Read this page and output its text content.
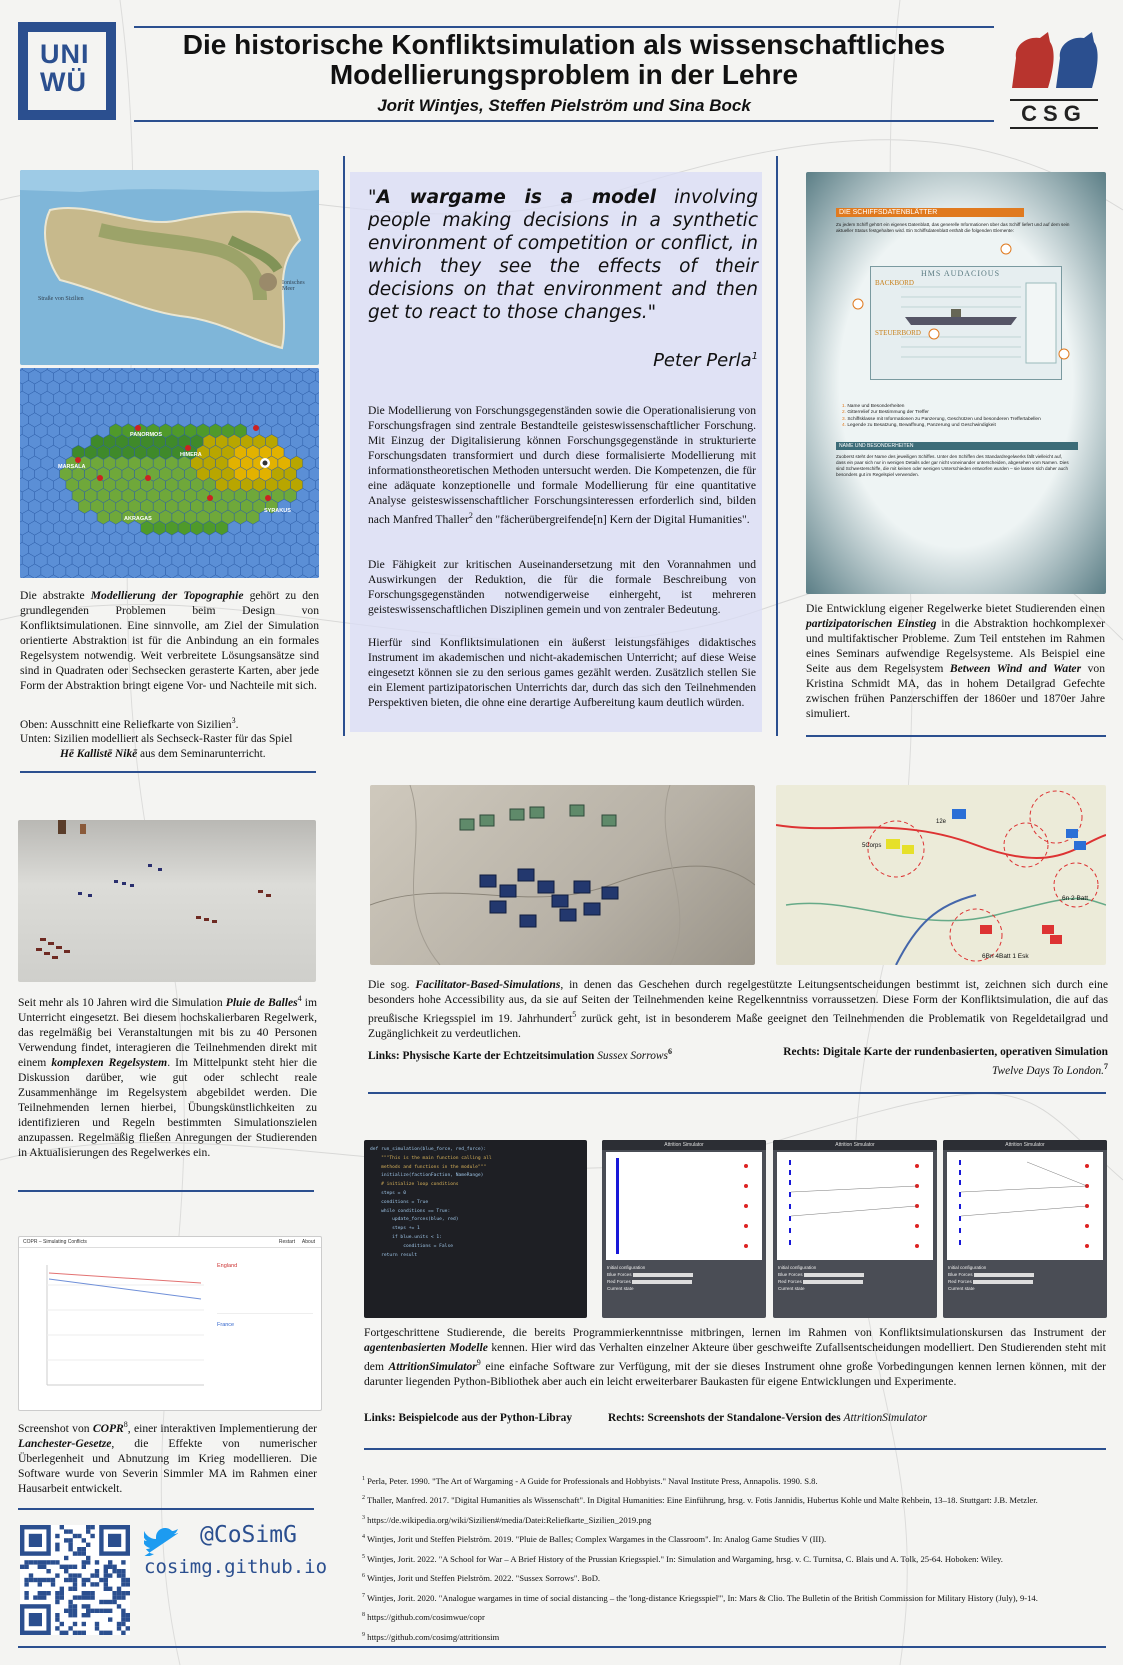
UNI
WÜ
Die historische Konfliktsimulation als wissenschaftliches
Modellierungsproblem in der Lehre
Jorit Wintjes, Steffen Pielström und Sina Bock	CSG
Straße von Sizilien
Ionisches Meer
MARSALA
PANORMOS
HIMERA
AKRAGAS
SYRAKUS
Die abstrakte Modellierung der Topographie gehört zu den grundlegenden Problemen beim Design von Konfliktsimulationen. Eine sinnvolle, am Ziel der Simulation orientierte Abstraktion ist für die Anbindung an ein formales Regelsystem notwendig. Weit verbreitete Lösungsansätze sind sind in Quadraten oder Sechsecken gerasterte Karten, aber jede Form der Abstraktion bringt eigene Vor- und Nachteile mit sich.
Oben: Ausschnitt eine Reliefkarte von Sizilien$^3$.
Unten: Sizilien modelliert als Sechseck-Raster für das Spiel
Hē Kallistē Nikē aus dem Seminarunterricht.
Seit mehr als 10 Jahren wird die Simulation Pluie de Balles$^4$ im Unterricht eingesetzt. Bei diesem hochskalierbaren Regelwerk, das regelmäßig bei Veranstaltungen mit bis zu 40 Personen Verwendung findet, interagieren die Teilnehmenden direkt mit einem komplexen Regelsystem. Im Mittelpunkt steht hier die Diskussion darüber, wie gut oder schlecht reale Zusammenhänge im Regelsystem abgebildet werden. Die Teilnehmenden lernen hierbei, Übungskünstlichkeiten zu identifizieren und Regeln bestimmten Simulationszielen anzupassen. Regelmäßig fließen Anregungen der Studierenden in Aktualisierungen des Regelwerkes ein.
COPR – Simulating Conflicts	Restart About
England
France
Screenshot von COPR$^8$, einer interaktiven Implementierung der Lanchester-Gesetze, die Effekte von numerischer Überlegenheit und Abnutzung im Krieg modellieren. Die Software wurde von Severin Simmler MA im Rahmen einer Hausarbeit entwickelt.
@CoSimG
cosimg.github.io
"A wargame is a model involving people making decisions in a synthetic environment of competition or conflict, in which they see the effects of their decisions on that environment and then get to react to those changes."
Peter Perla$^1$
Die Modellierung von Forschungsgegenständen sowie die Operationalisierung von Forschungsfragen sind zentrale Bestandteile geisteswissenschaftlicher Forschung. Mit Einzug der Digitalisierung können Forschungsgegenstände in strukturierte Forschungsdaten transformiert und durch diese formalisierte Modellierung mit informationstheoretischen Methoden untersucht werden. Die Kompetenzen, die für eine adäquate konzeptionelle und formale Modellierung für eine quantitative Analyse geisteswissenschaftlicher Forschungsinteressen erforderlich sind, bilden nach Manfred Thaller$^2$ den "fächerübergreifende[n] Kern der Digital Humanities".
Die Fähigkeit zur kritischen Auseinandersetzung mit den Vorannahmen und Auswirkungen der Reduktion, die für die formale Beschreibung von Forschungsgegenständen notwendigerweise einhergeht, ist mehreren geisteswissenschaftlichen Disziplinen gemein und von zentraler Bedeutung.
Hierfür sind Konfliktsimulationen ein äußerst leistungsfähiges didaktisches Instrument im akademischen und nicht-akademischen Unterricht; auf diese Weise eingesetzt können sie zu den serious games gezählt werden. Zusätzlich stellen Sie ein Element partizipatorischen Unterrichts dar, durch das sich den Teilnehmenden Perspektiven bieten, die ohne eine derartige Aufbereitung kaum deutlich würden.
DIE SCHIFFSDATENBLÄTTER
Zu jedem Schiff gehört ein eigenes Datenblatt, das generelle Informationen über das Schiff liefert und auf dem sein aktueller Status festgehalten wird. Ein Schiffsdatenblatt enthält die folgenden Elemente:
HMS AUDACIOUS
BACKBORD
STEUERBORD
1. Name und Besonderheiten
2. Gitterrelief zur Bestimmung der Treffer
3. Schiffsklasse mit Informationen zu Panzerung, Geschützen und besonderen Treffertabellen
4. Legende zu Besatzung, Bewaffnung, Panzerung und Geschwindigkeit
NAME UND BESONDERHEITEN
Zuoberst steht der Name des jeweiligen Schiffes. Unter den Schiffen des Standardregelwerks fällt vielleicht auf, dass ein paar sich nur in wenigen Details oder gar nicht voneinander unterscheiden, abgesehen vom Namen. Dies sind Schwesterschiffe, die mit keinen oder wenigen Unterschieden entworfen wurden – sie lassen sich daher auch besonders gut im Regelspiel verwenden.
Die Entwicklung eigener Regelwerke bietet Studierenden einen partizipatorischen Einstieg in die Abstraktion hochkomplexer und multifaktischer Probleme. Zum Teil entstehen im Rahmen eines Seminars aufwendige Regelsysteme. Als Beispiel eine Seite aus dem Regelsystem Between Wind and Water von Kristina Schmidt MA, das in hohem Detailgrad Gefechte zwischen frühen Panzerschiffen der 1860er und 1870er Jahre simuliert.
12e
5Corps
6n 2 Batt
6Bn 4Batt 1 Esk
Die sog. Facilitator-Based-Simulations, in denen das Geschehen durch regelgestützte Leitungsentscheidungen bestimmt ist, zeichnen sich durch eine besonders hohe Accessibility aus, da sie auf Seiten der Teilnehmenden keine Regelkenntniss vorraussetzen. Diese Form der Konfliktsimulation, die auf das preußische Kriegsspiel im 19. Jahrhundert$^5$ zurück geht, ist in besonderem Maße geeignet den Teilnehmenden die Problematik von Regeldetailgrad und Zugänglichkeit zu verdeutlichen.
Links: Physische Karte der Echtzeitsimulation Sussex Sorrows$^6$	Rechts: Digitale Karte der rundenbasierten, operativen Simulation Twelve Days To London.$^7$
def run_simulation(blue_force, red_force):
"""This is the main function calling all
methods and functions in the module"""
initialize(factionFaction, NameRange)
# initialize loop conditions
steps = 0
conditions = True
while conditions == True:
update_forces(blue, red)
steps += 1
if blue.units < 1:
conditions = False
return result
Attrition Simulator
Initial configuration
Blue Forces
Red Forces
Current state
Attrition Simulator
Initial configuration
Blue Forces
Red Forces
Current state
Attrition Simulator
Initial configuration
Blue Forces
Red Forces
Current state
Fortgeschrittene Studierende, die bereits Programmierkenntnisse mitbringen, lernen im Rahmen von Konfliktsimulationskursen das Instrument der agentenbasierten Modelle kennen. Hier wird das Verhalten einzelner Akteure über geschweifte Zufallsentscheidungen modelliert. Den Studierenden steht mit dem AttritionSimulator$^9$ eine einfache Software zur Verfügung, mit der sie dieses Instrument ohne große Vorbedingungen kennen lernen können, mit der darunter liegenden Python-Bibliothek aber auch ein leicht erweiterbarer Baukasten für eigene Entwicklungen und Experimente.
Links: Beispielcode aus der Python-Libray	Rechts: Screenshots der Standalone-Version des AttritionSimulator
$^1$ Perla, Peter. 1990. "The Art of Wargaming - A Guide for Professionals and Hobbyists." Naval Institute Press, Annapolis. 1990. S.8.
$^2$ Thaller, Manfred. 2017. "Digital Humanities als Wissenschaft". In Digital Humanities: Eine Einführung, hrsg. v. Fotis Jannidis, Hubertus Kohle und Malte Rehbein, 13–18. Stuttgart: J.B. Metzler.
$^3$ https://de.wikipedia.org/wiki/Sizilien#/media/Datei:Reliefkarte_Sizilien_2019.png
$^4$ Wintjes, Jorit und Steffen Pielström. 2019. "Pluie de Balles; Complex Wargames in the Classroom". In: Analog Game Studies V (III).
$^5$ Wintjes, Jorit. 2022. "A School for War – A Brief History of the Prussian Kriegsspiel." In: Simulation and Wargaming, hrsg. v. C. Turnitsa, C. Blais und A. Tolk, 25-64. Hoboken: Wiley.
$^6$ Wintjes, Jorit und Steffen Pielström. 2022. "Sussex Sorrows". BoD.
$^7$ Wintjes, Jorit. 2020. "Analogue wargames in time of social distancing – the 'long-distance Kriegsspiel'", In: Mars & Clio. The Bulletin of the British Commission for Military History (July), 9-14.
$^8$ https://github.com/cosimwue/copr
$^9$ https://github.com/cosimg/attritionsim
